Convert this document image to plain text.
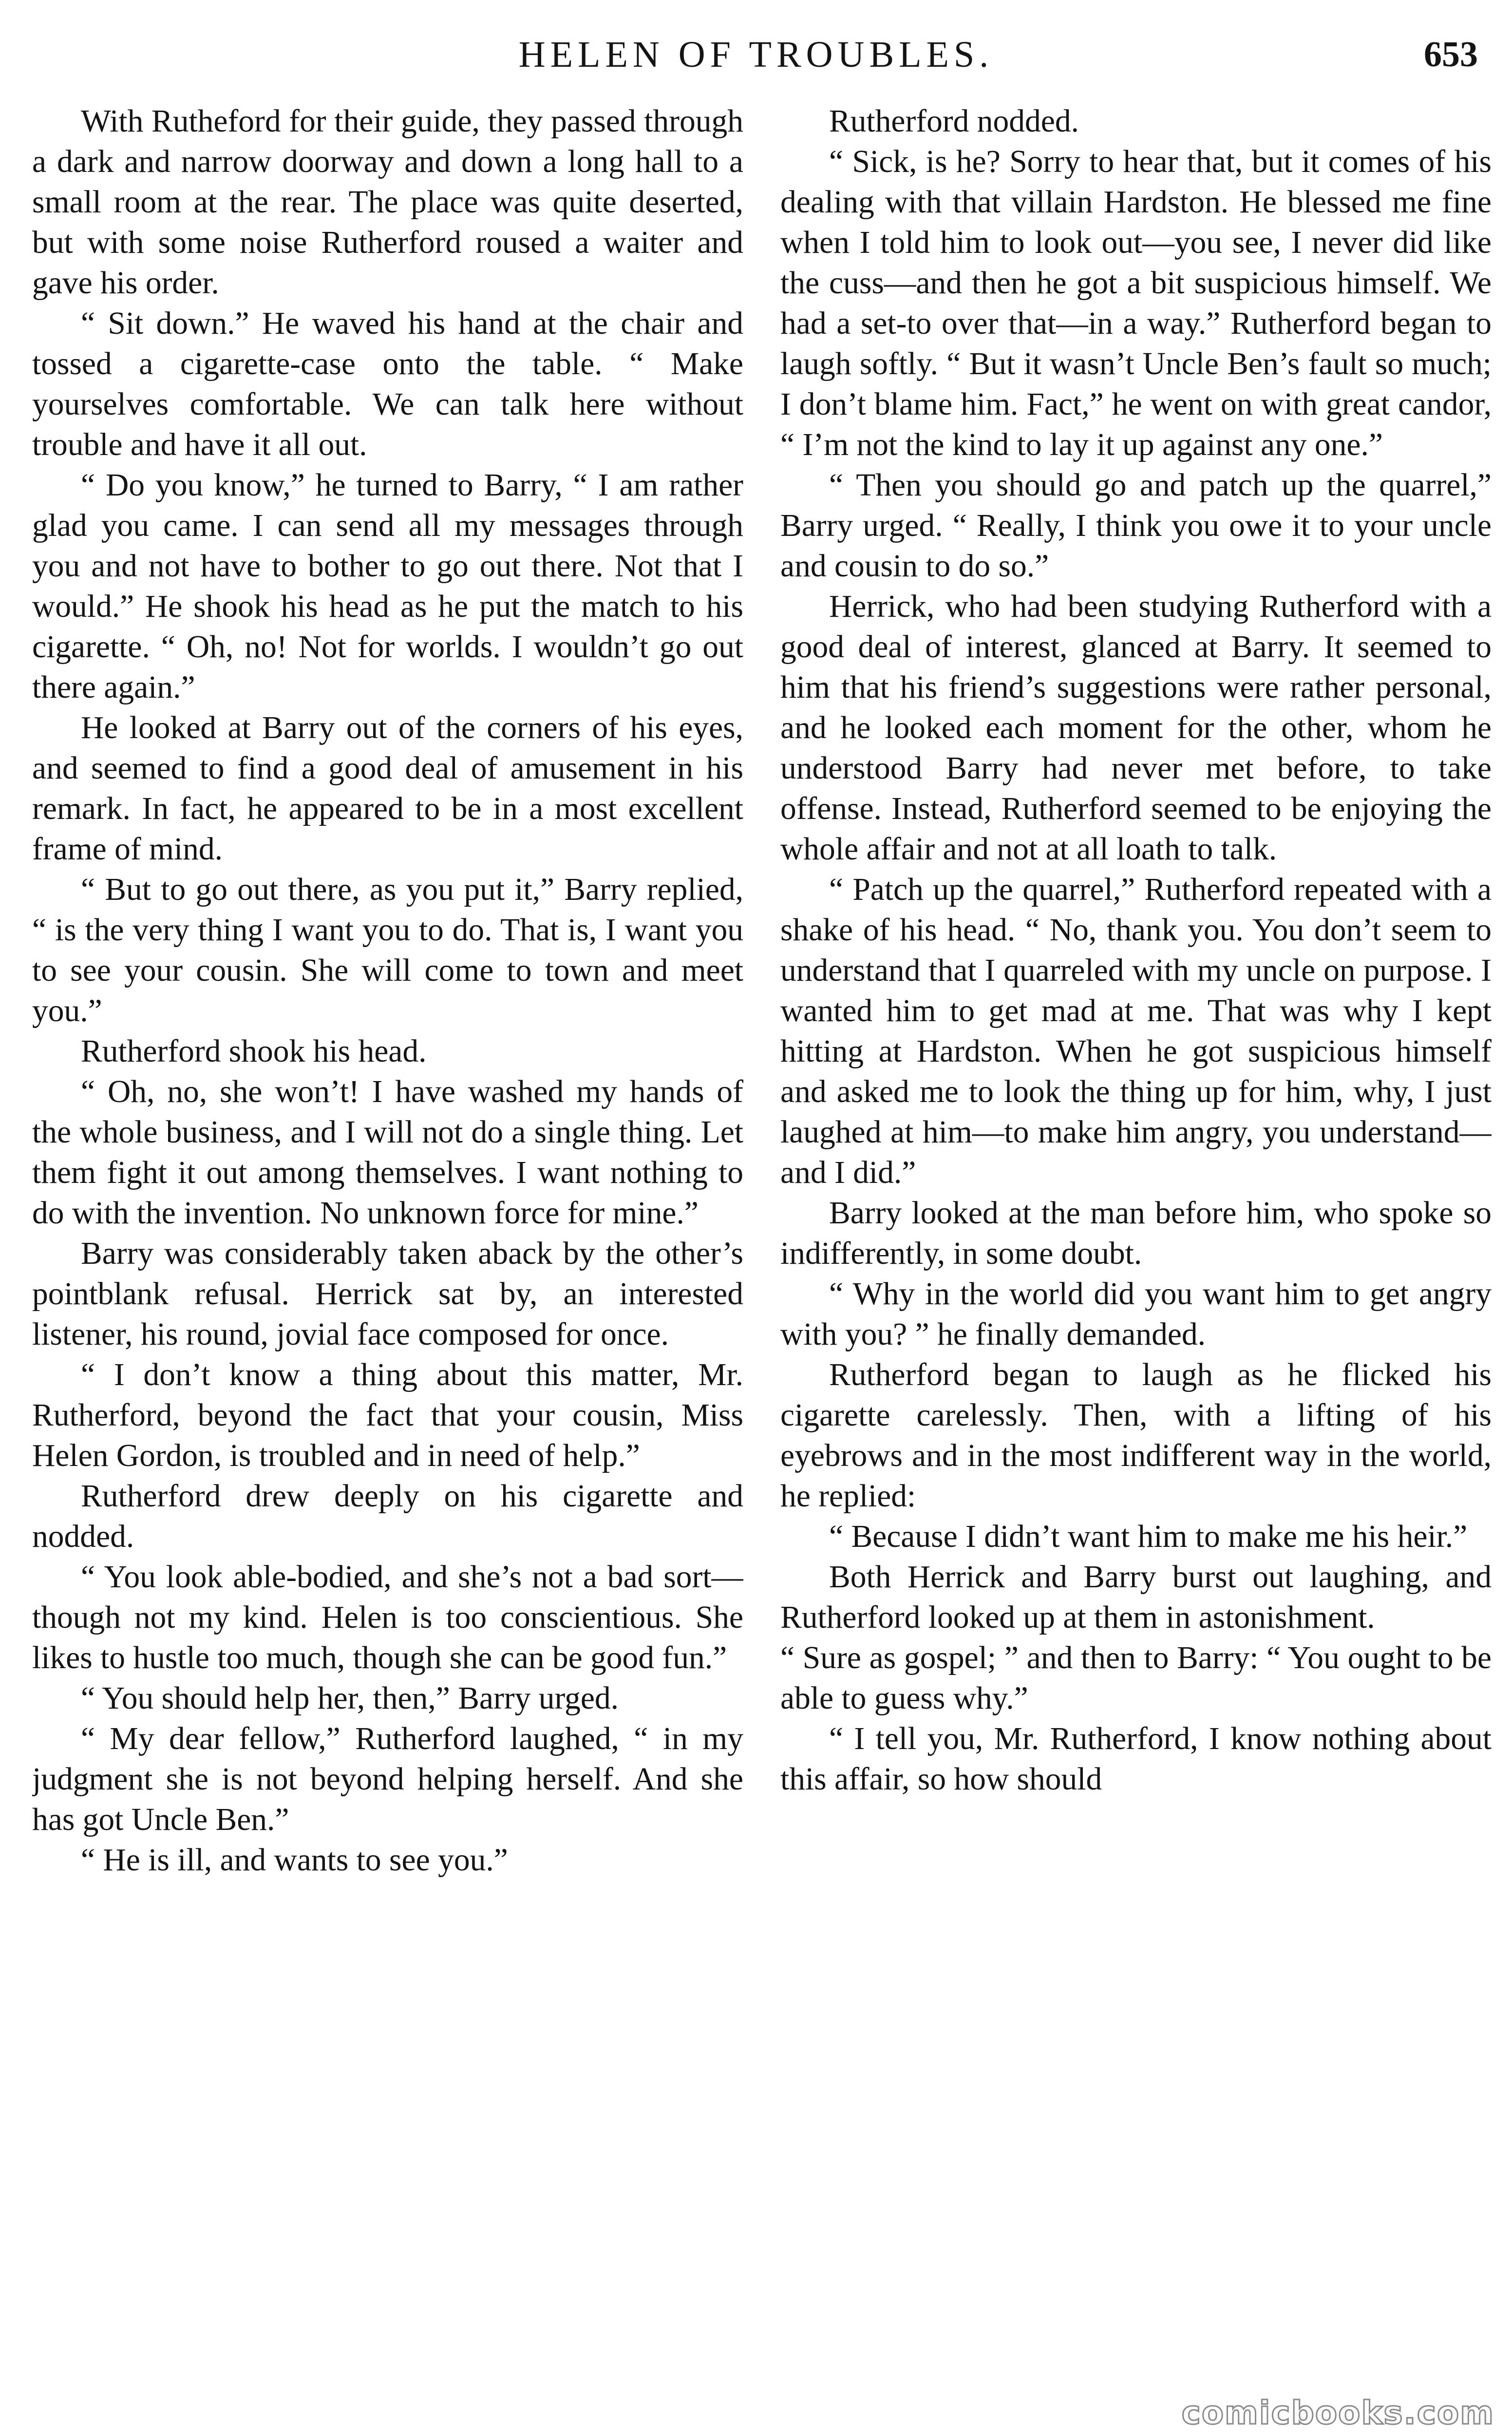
HELEN OF TROUBLES.	653

With Rutheford for their guide, they passed through a dark and narrow doorway and down a long hall to a small room at the rear. The place was quite deserted, but with some noise Rutherford roused a waiter and gave his order.

“ Sit down.” He waved his hand at the chair and tossed a cigarette-case onto the table. “ Make yourselves comfortable. We can talk here without trouble and have it all out.

“ Do you know,” he turned to Barry, “ I am rather glad you came. I can send all my messages through you and not have to bother to go out there. Not that I would.” He shook his head as he put the match to his cigarette. “ Oh, no! Not for worlds. I wouldn’t go out there again.”

He looked at Barry out of the corners of his eyes, and seemed to find a good deal of amusement in his remark. In fact, he appeared to be in a most excellent frame of mind.

“ But to go out there, as you put it,” Barry replied, “ is the very thing I want you to do. That is, I want you to see your cousin. She will come to town and meet you.”

Rutherford shook his head.

“ Oh, no, she won’t! I have washed my hands of the whole business, and I will not do a single thing. Let them fight it out among themselves. I want nothing to do with the invention. No unknown force for mine.”

Barry was considerably taken aback by the other’s pointblank refusal. Herrick sat by, an interested listener, his round, jovial face composed for once.

“ I don’t know a thing about this matter, Mr. Rutherford, beyond the fact that your cousin, Miss Helen Gordon, is troubled and in need of help.”

Rutherford drew deeply on his cigarette and nodded.

“ You look able-bodied, and she’s not a bad sort—though not my kind. Helen is too conscientious. She likes to hustle too much, though she can be good fun.”

“ You should help her, then,” Barry urged.

“ My dear fellow,” Rutherford laughed, “ in my judgment she is not beyond helping herself. And she has got Uncle Ben.”

“ He is ill, and wants to see you.”

Rutherford nodded.

“ Sick, is he? Sorry to hear that, but it comes of his dealing with that villain Hardston. He blessed me fine when I told him to look out—you see, I never did like the cuss—and then he got a bit suspicious himself. We had a set-to over that—in a way.” Rutherford began to laugh softly. “ But it wasn’t Uncle Ben’s fault so much; I don’t blame him. Fact,” he went on with great candor, “ I’m not the kind to lay it up against any one.”

“ Then you should go and patch up the quarrel,” Barry urged. “ Really, I think you owe it to your uncle and cousin to do so.”

Herrick, who had been studying Rutherford with a good deal of interest, glanced at Barry. It seemed to him that his friend’s suggestions were rather personal, and he looked each moment for the other, whom he understood Barry had never met before, to take offense. Instead, Rutherford seemed to be enjoying the whole affair and not at all loath to talk.

“ Patch up the quarrel,” Rutherford repeated with a shake of his head. “ No, thank you. You don’t seem to understand that I quarreled with my uncle on purpose. I wanted him to get mad at me. That was why I kept hitting at Hardston. When he got suspicious himself and asked me to look the thing up for him, why, I just laughed at him—to make him angry, you understand—and I did.”

Barry looked at the man before him, who spoke so indifferently, in some doubt.

“ Why in the world did you want him to get angry with you? ” he finally demanded.

Rutherford began to laugh as he flicked his cigarette carelessly. Then, with a lifting of his eyebrows and in the most indifferent way in the world, he replied:

“ Because I didn’t want him to make me his heir.”

Both Herrick and Barry burst out laughing, and Rutherford looked up at them in astonishment.

“ Sure as gospel; ” and then to Barry: “ You ought to be able to guess why.”

“ I tell you, Mr. Rutherford, I know nothing about this affair, so how should

comicbooks.com
